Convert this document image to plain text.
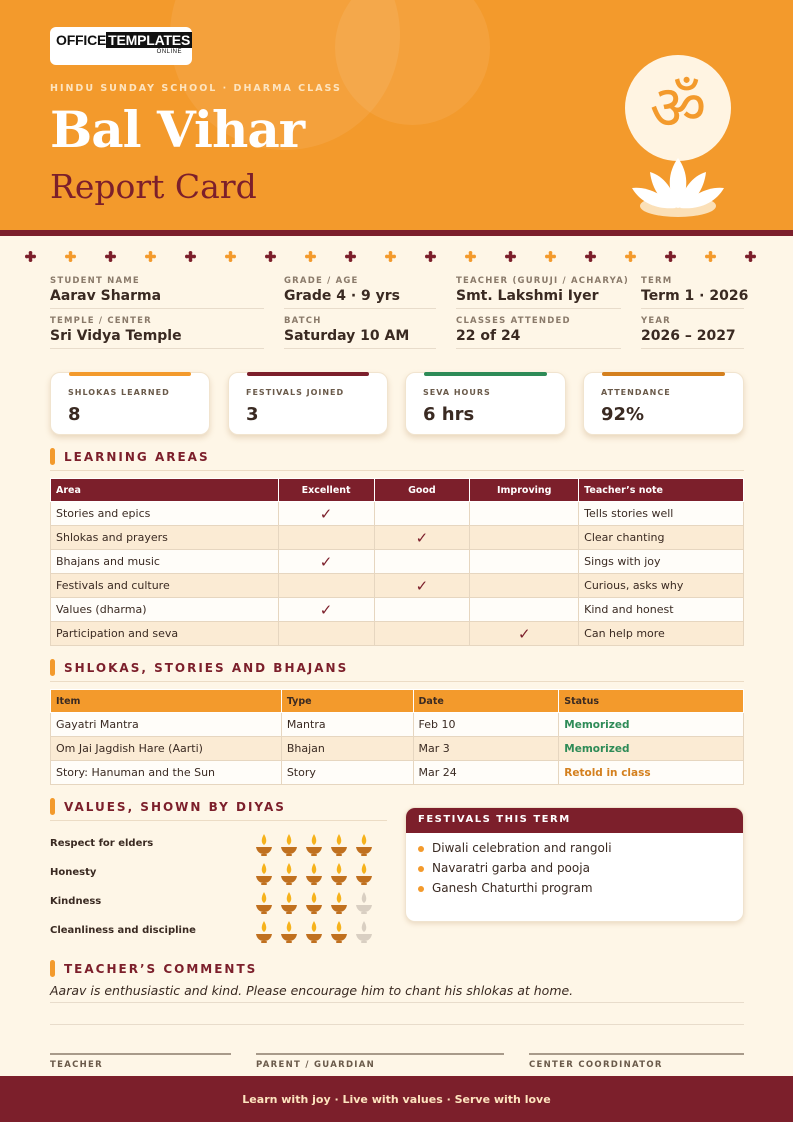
OFFICE TEMPLATES
ONLINE
HINDU SUNDAY SCHOOL · DHARMA CLASS
Bal Vihar
Report Card
ॐ
STUDENT NAME
Aarav Sharma
GRADE / AGE
Grade 4 · 9 yrs
TEACHER (GURUJI / ACHARYA)
Smt. Lakshmi Iyer
TERM
Term 1 · 2026
TEMPLE / CENTER
Sri Vidya Temple
BATCH
Saturday 10 AM
CLASSES ATTENDED
22 of 24
YEAR
2026 – 2027
SHLOKAS LEARNED
8
FESTIVALS JOINED
3
SEVA HOURS
6 hrs
ATTENDANCE
92%
LEARNING AREAS
Area	Excellent	Good	Improving	Teacher’s note
Stories and epics	✓			Tells stories well
Shlokas and prayers		✓		Clear chanting
Bhajans and music	✓			Sings with joy
Festivals and culture		✓		Curious, asks why
Values (dharma)	✓			Kind and honest
Participation and seva			✓	Can help more
SHLOKAS, STORIES AND BHAJANS
Item	Type	Date	Status
Gayatri Mantra	Mantra	Feb 10	Memorized
Om Jai Jagdish Hare (Aarti)	Bhajan	Mar 3	Memorized
Story: Hanuman and the Sun	Story	Mar 24	Retold in class
VALUES, SHOWN BY DIYAS
Respect for elders
Honesty
Kindness
Cleanliness and discipline
FESTIVALS THIS TERM
Diwali celebration and rangoli
Navaratri garba and pooja
Ganesh Chaturthi program
TEACHER’S COMMENTS
Aarav is enthusiastic and kind. Please encourage him to chant his shlokas at home.
TEACHER	PARENT / GUARDIAN	CENTER COORDINATOR
Learn with joy · Live with values · Serve with love
